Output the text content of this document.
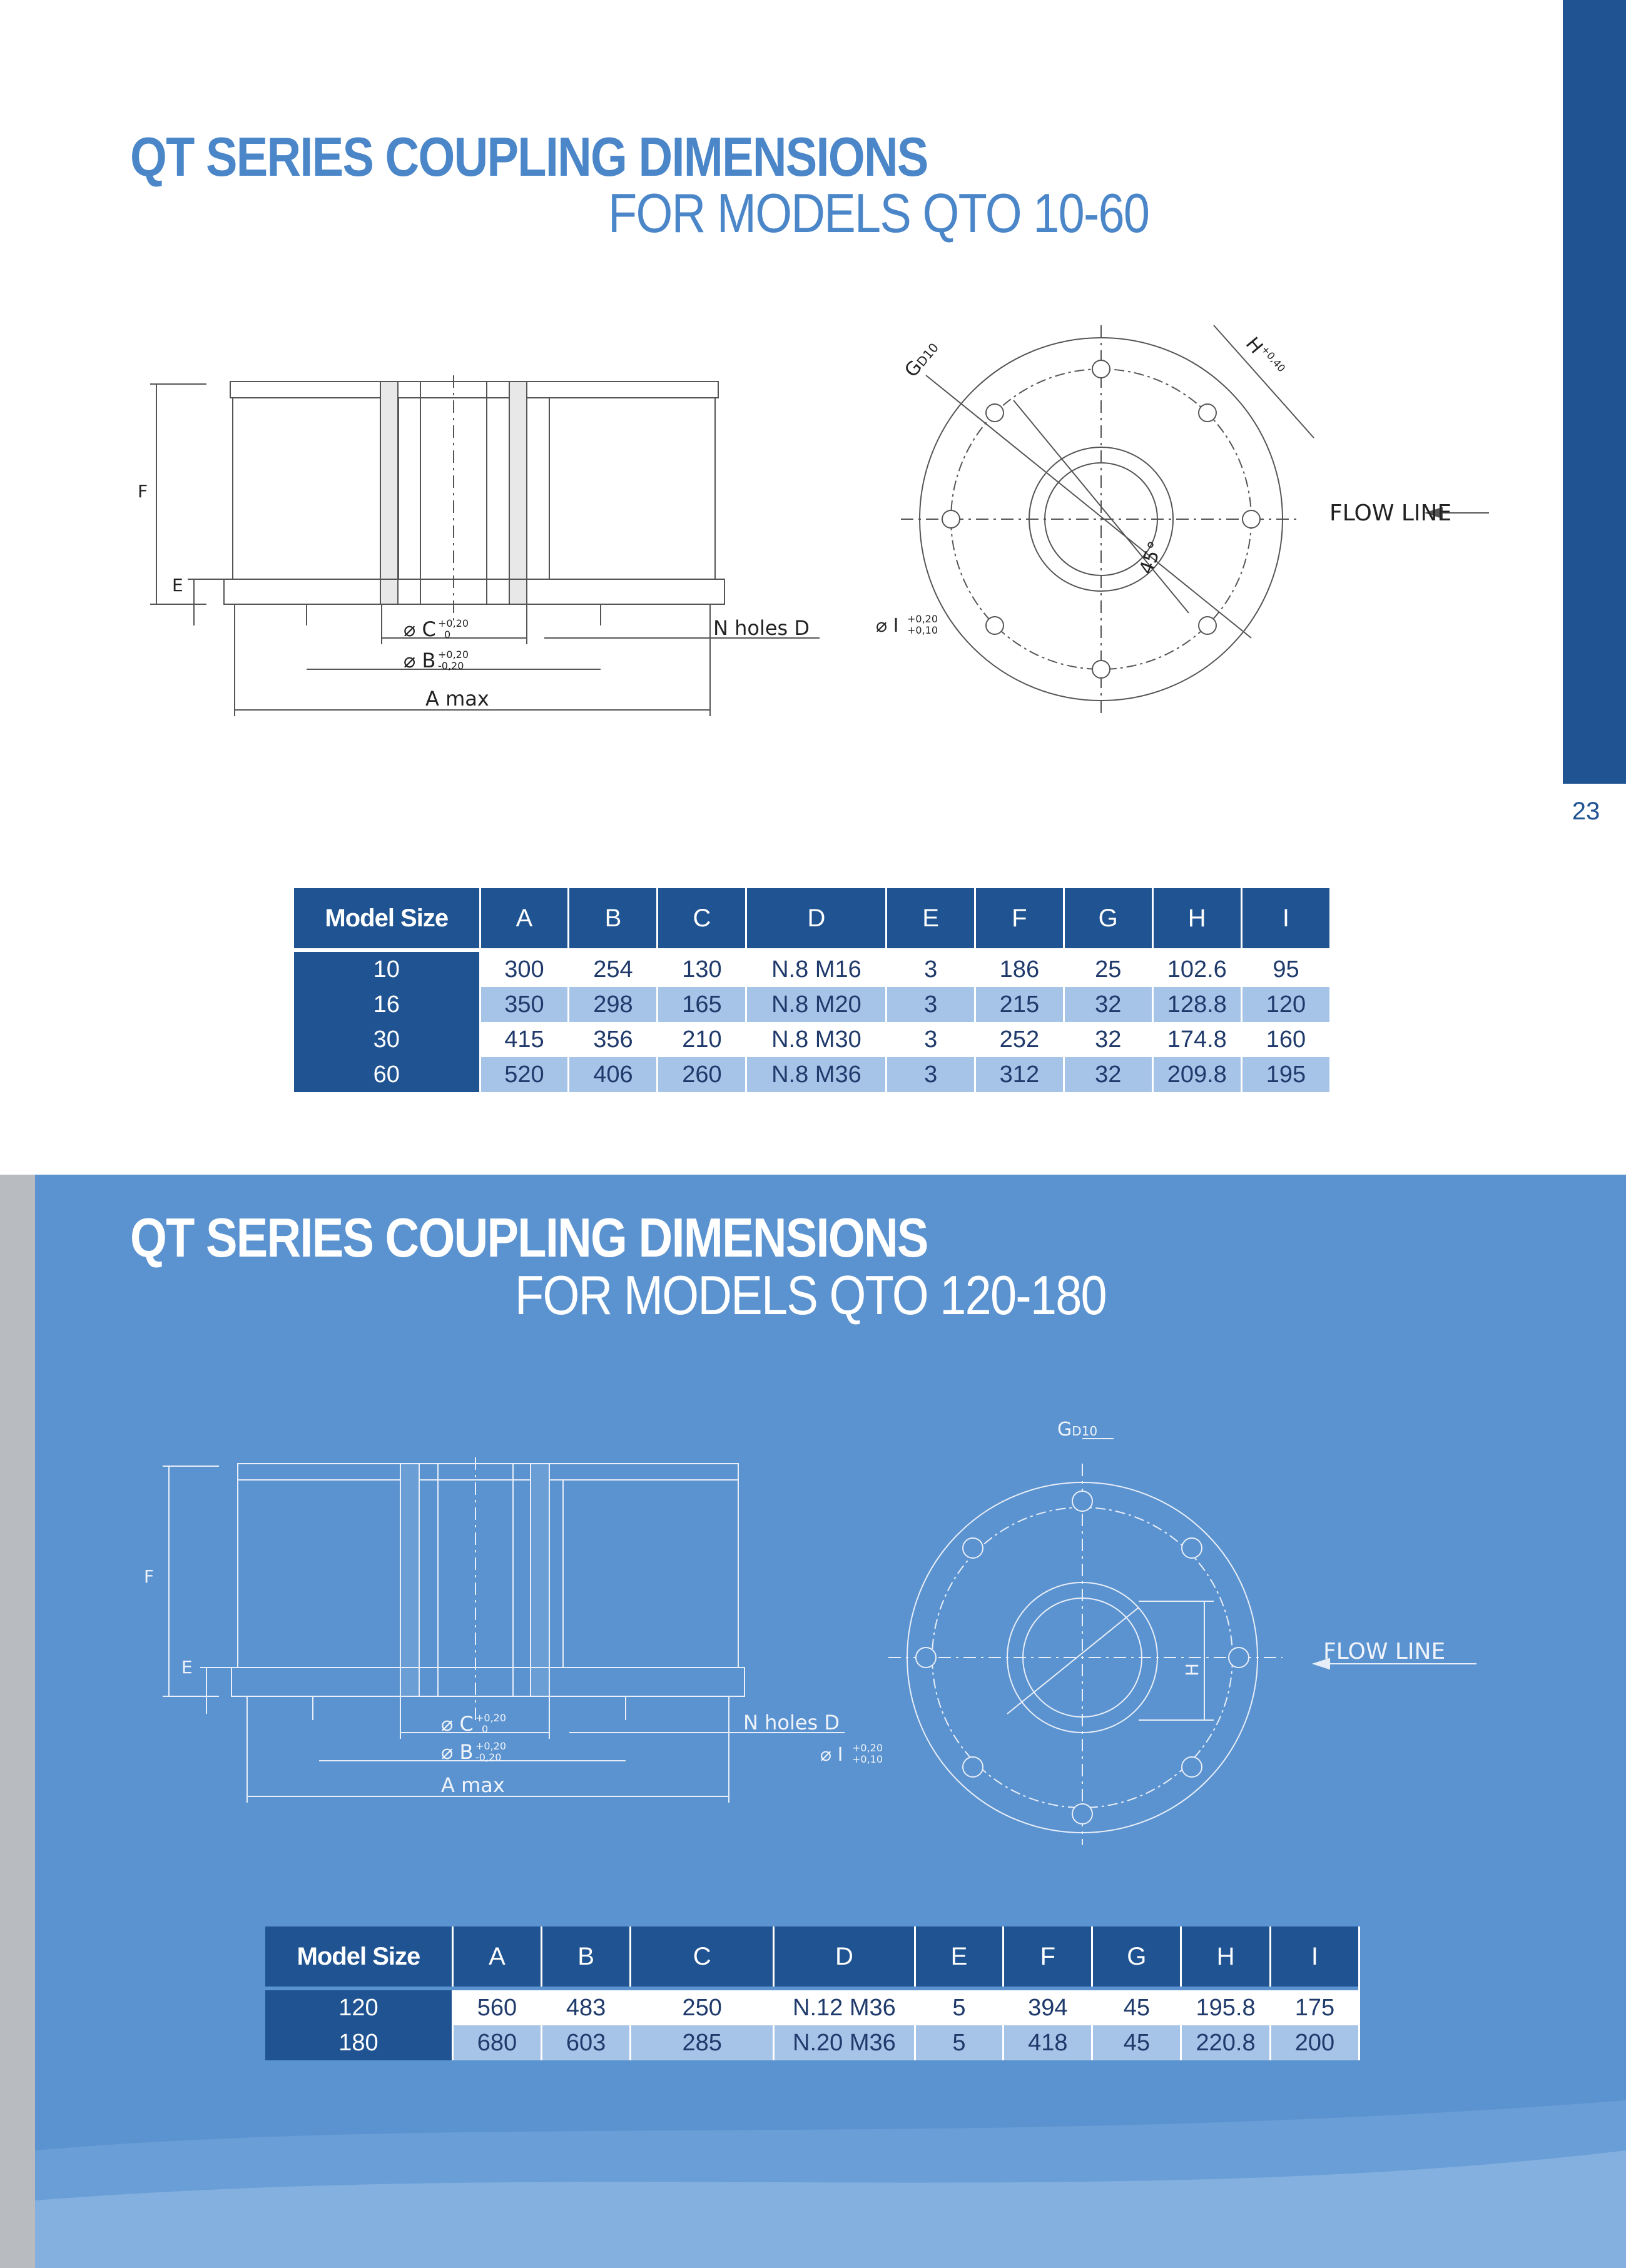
23
QT SERIES COUPLING DIMENSIONS
FOR MODELS QTO 10-60
F
E
⌀ C +0,20
0
⌀ B +0,20
-0,20
A max
N holes D
GD10	$H^{+0,40}$
45°
⌀ I +0,20
+0,10
FLOW LINE
Model Size	A	B	C	D	E	F	G	H	I

10	300	254	130	N.8 M16	3	186	25	102.6	95
16	350	298	165	N.8 M20	3	215	32	128.8	120
30	415	356	210	N.8 M30	3	252	32	174.8	160
60	520	406	260	N.8 M36	3	312	32	209.8	195
QT SERIES COUPLING DIMENSIONS
FOR MODELS QTO 120-180
F
E
⌀ C +0,20
0
⌀ B +0,20
-0,20
A max
N holes D
GD10
H
⌀ I +0,20
+0,10
FLOW LINE
Model Size	A	B	C	D	E	F	G	H	I

120	560	483	250	N.12 M36	5	394	45	195.8	175
180	680	603	285	N.20 M36	5	418	45	220.8	200
